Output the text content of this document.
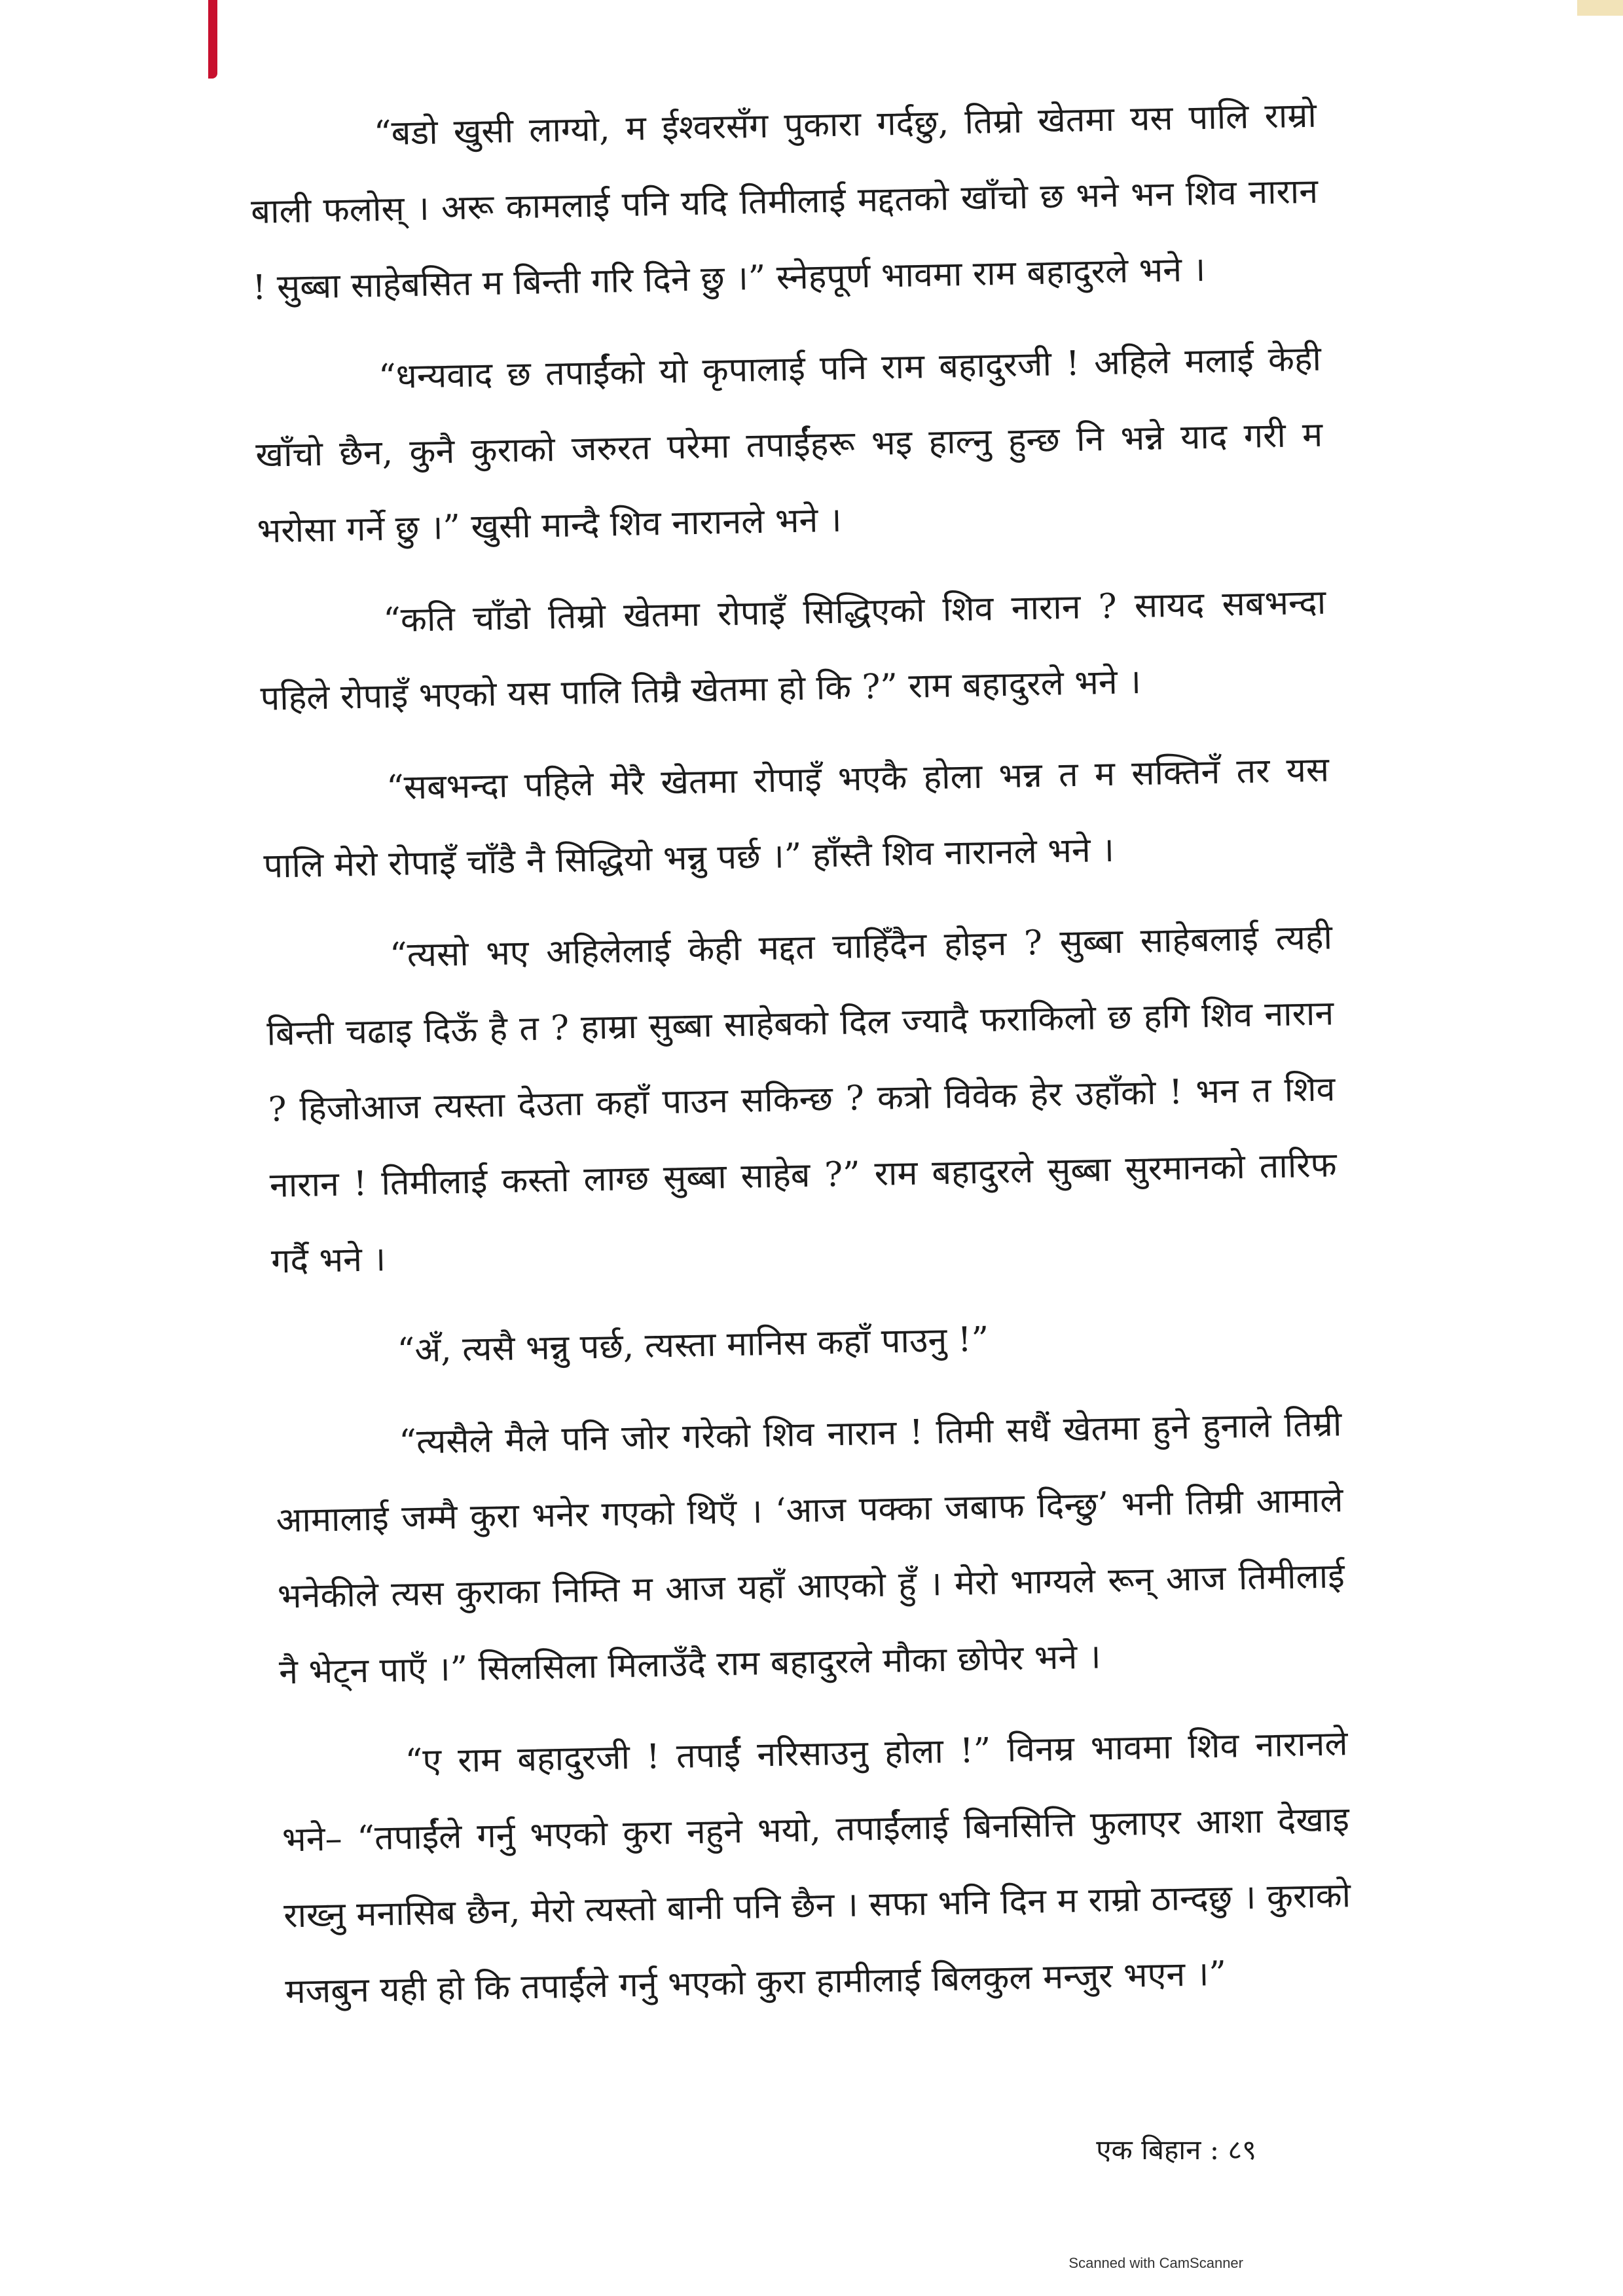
“बडो खुसी लाग्यो, म ईश्वरसँग पुकारा गर्दछु, तिम्रो खेतमा यस पालि राम्रो बाली फलोस् । अरू कामलाई पनि यदि तिमीलाई मद्दतको खाँचो छ भने भन शिव नारान ! सुब्बा साहेबसित म बिन्ती गरि दिने छु ।” स्नेहपूर्ण भावमा राम बहादुरले भने ।

“धन्यवाद छ तपाईंको यो कृपालाई पनि राम बहादुरजी ! अहिले मलाई केही खाँचो छैन, कुनै कुराको जरुरत परेमा तपाईंहरू भइ हाल्नु हुन्छ नि भन्ने याद गरी म भरोसा गर्ने छु ।” खुसी मान्दै शिव नारानले भने ।

“कति चाँडो तिम्रो खेतमा रोपाइँ सिद्धिएको शिव नारान ? सायद सबभन्दा पहिले रोपाइँ भएको यस पालि तिम्रै खेतमा हो कि ?” राम बहादुरले भने ।

“सबभन्दा पहिले मेरै खेतमा रोपाइँ भएकै होला भन्न त म सक्तिनँ तर यस पालि मेरो रोपाइँ चाँडै नै सिद्धियो भन्नु पर्छ ।” हाँस्तै शिव नारानले भने ।

“त्यसो भए अहिलेलाई केही मद्दत चाहिँदैन होइन ? सुब्बा साहेबलाई त्यही बिन्ती चढाइ दिऊँ है त ? हाम्रा सुब्बा साहेबको दिल ज्यादै फराकिलो छ हगि शिव नारान ? हिजोआज त्यस्ता देउता कहाँ पाउन सकिन्छ ? कत्रो विवेक हेर उहाँको ! भन त शिव नारान ! तिमीलाई कस्तो लाग्छ सुब्बा साहेब ?” राम बहादुरले सुब्बा सुरमानको तारिफ गर्दै भने ।

“अँ, त्यसै भन्नु पर्छ, त्यस्ता मानिस कहाँ पाउनु !”

“त्यसैले मैले पनि जोर गरेको शिव नारान ! तिमी सधैं खेतमा हुने हुनाले तिम्री आमालाई जम्मै कुरा भनेर गएको थिएँ । ‘आज पक्का जबाफ दिन्छु’ भनी तिम्री आमाले भनेकीले त्यस कुराका निम्ति म आज यहाँ आएको हुँ । मेरो भाग्यले रून् आज तिमीलाई नै भेट्न पाएँ ।” सिलसिला मिलाउँदै राम बहादुरले मौका छोपेर भने ।

“ए राम बहादुरजी ! तपाईं नरिसाउनु होला !” विनम्र भावमा शिव नारानले भने– “तपाईंले गर्नु भएको कुरा नहुने भयो, तपाईंलाई बिनसित्ति फुलाएर आशा देखाइ राख्नु मनासिब छैन, मेरो त्यस्तो बानी पनि छैन । सफा भनि दिन म राम्रो ठान्दछु । कुराको मजबुन यही हो कि तपाईंले गर्नु भएको कुरा हामीलाई बिलकुल मन्जुर भएन ।”

एक बिहान : ८९
Scanned with CamScanner
